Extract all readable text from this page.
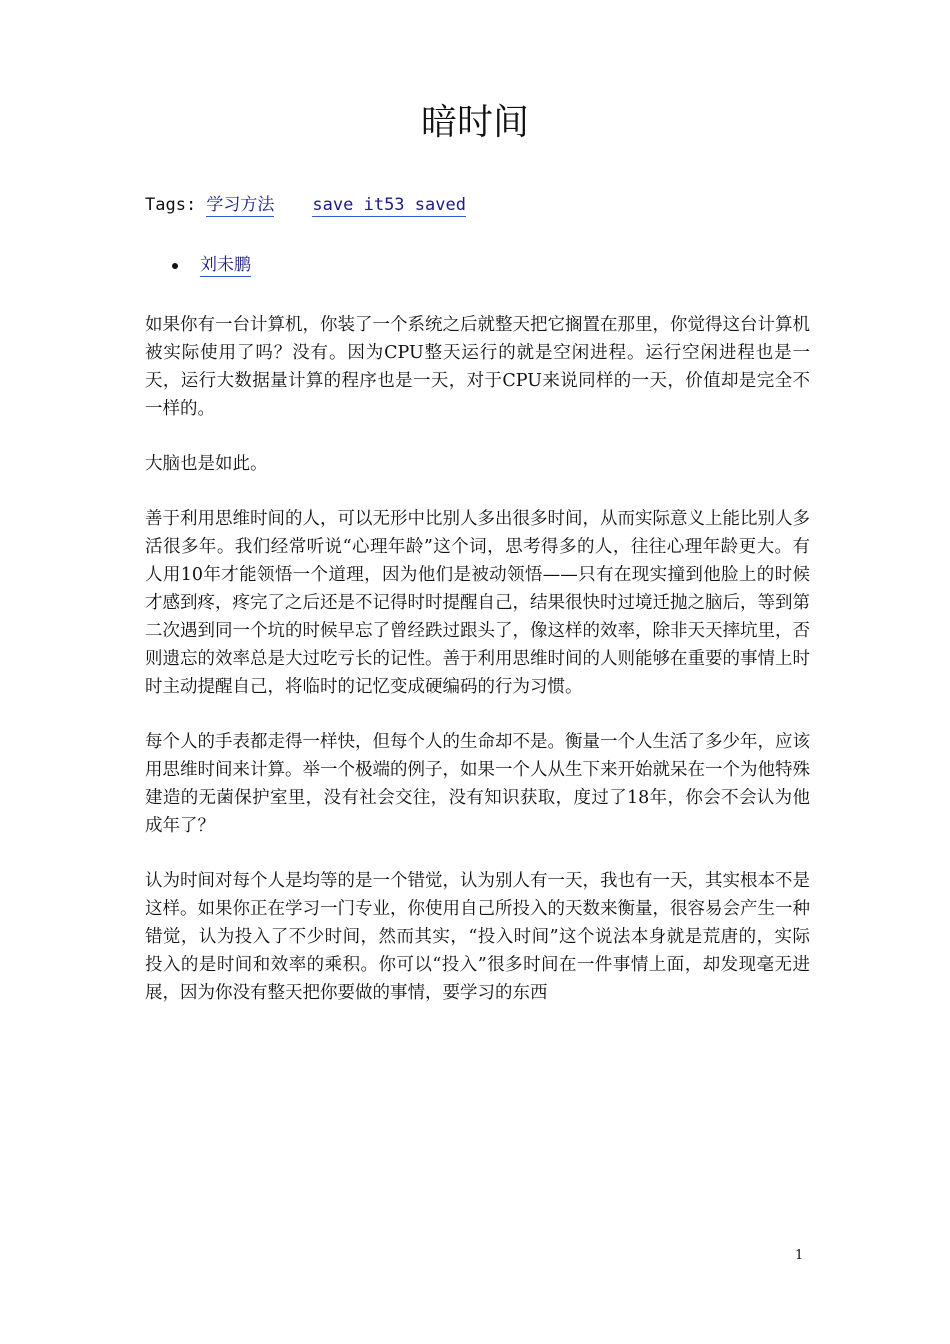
暗时间
Tags: 学习方法 save it53 saved
刘未鹏

如果你有一台计算机，你装了一个系统之后就整天把它搁置在那里，你觉得这台计算机被实际使用了吗？没有。因为CPU整天运行的就是空闲进程。运行空闲进程也是一天，运行大数据量计算的程序也是一天，对于CPU来说同样的一天，价值却是完全不一样的。

大脑也是如此。

善于利用思维时间的人，可以无形中比别人多出很多时间，从而实际意义上能比别人多活很多年。我们经常听说“心理年龄”这个词，思考得多的人，往往心理年龄更大。有人用10年才能领悟一个道理，因为他们是被动领悟——只有在现实撞到他脸上的时候才感到疼，疼完了之后还是不记得时时提醒自己，结果很快时过境迁抛之脑后，等到第二次遇到同一个坑的时候早忘了曾经跌过跟头了，像这样的效率，除非天天摔坑里，否则遗忘的效率总是大过吃亏长的记性。善于利用思维时间的人则能够在重要的事情上时时主动提醒自己，将临时的记忆变成硬编码的行为习惯。

每个人的手表都走得一样快，但每个人的生命却不是。衡量一个人生活了多少年，应该用思维时间来计算。举一个极端的例子，如果一个人从生下来开始就呆在一个为他特殊建造的无菌保护室里，没有社会交往，没有知识获取，度过了18年，你会不会认为他成年了？

认为时间对每个人是均等的是一个错觉，认为别人有一天，我也有一天，其实根本不是这样。如果你正在学习一门专业，你使用自己所投入的天数来衡量，很容易会产生一种错觉，认为投入了不少时间，然而其实，“投入时间”这个说法本身就是荒唐的，实际投入的是时间和效率的乘积。你可以“投入”很多时间在一件事情上面，却发现毫无进展，因为你没有整天把你要做的事情，要学习的东西

1
